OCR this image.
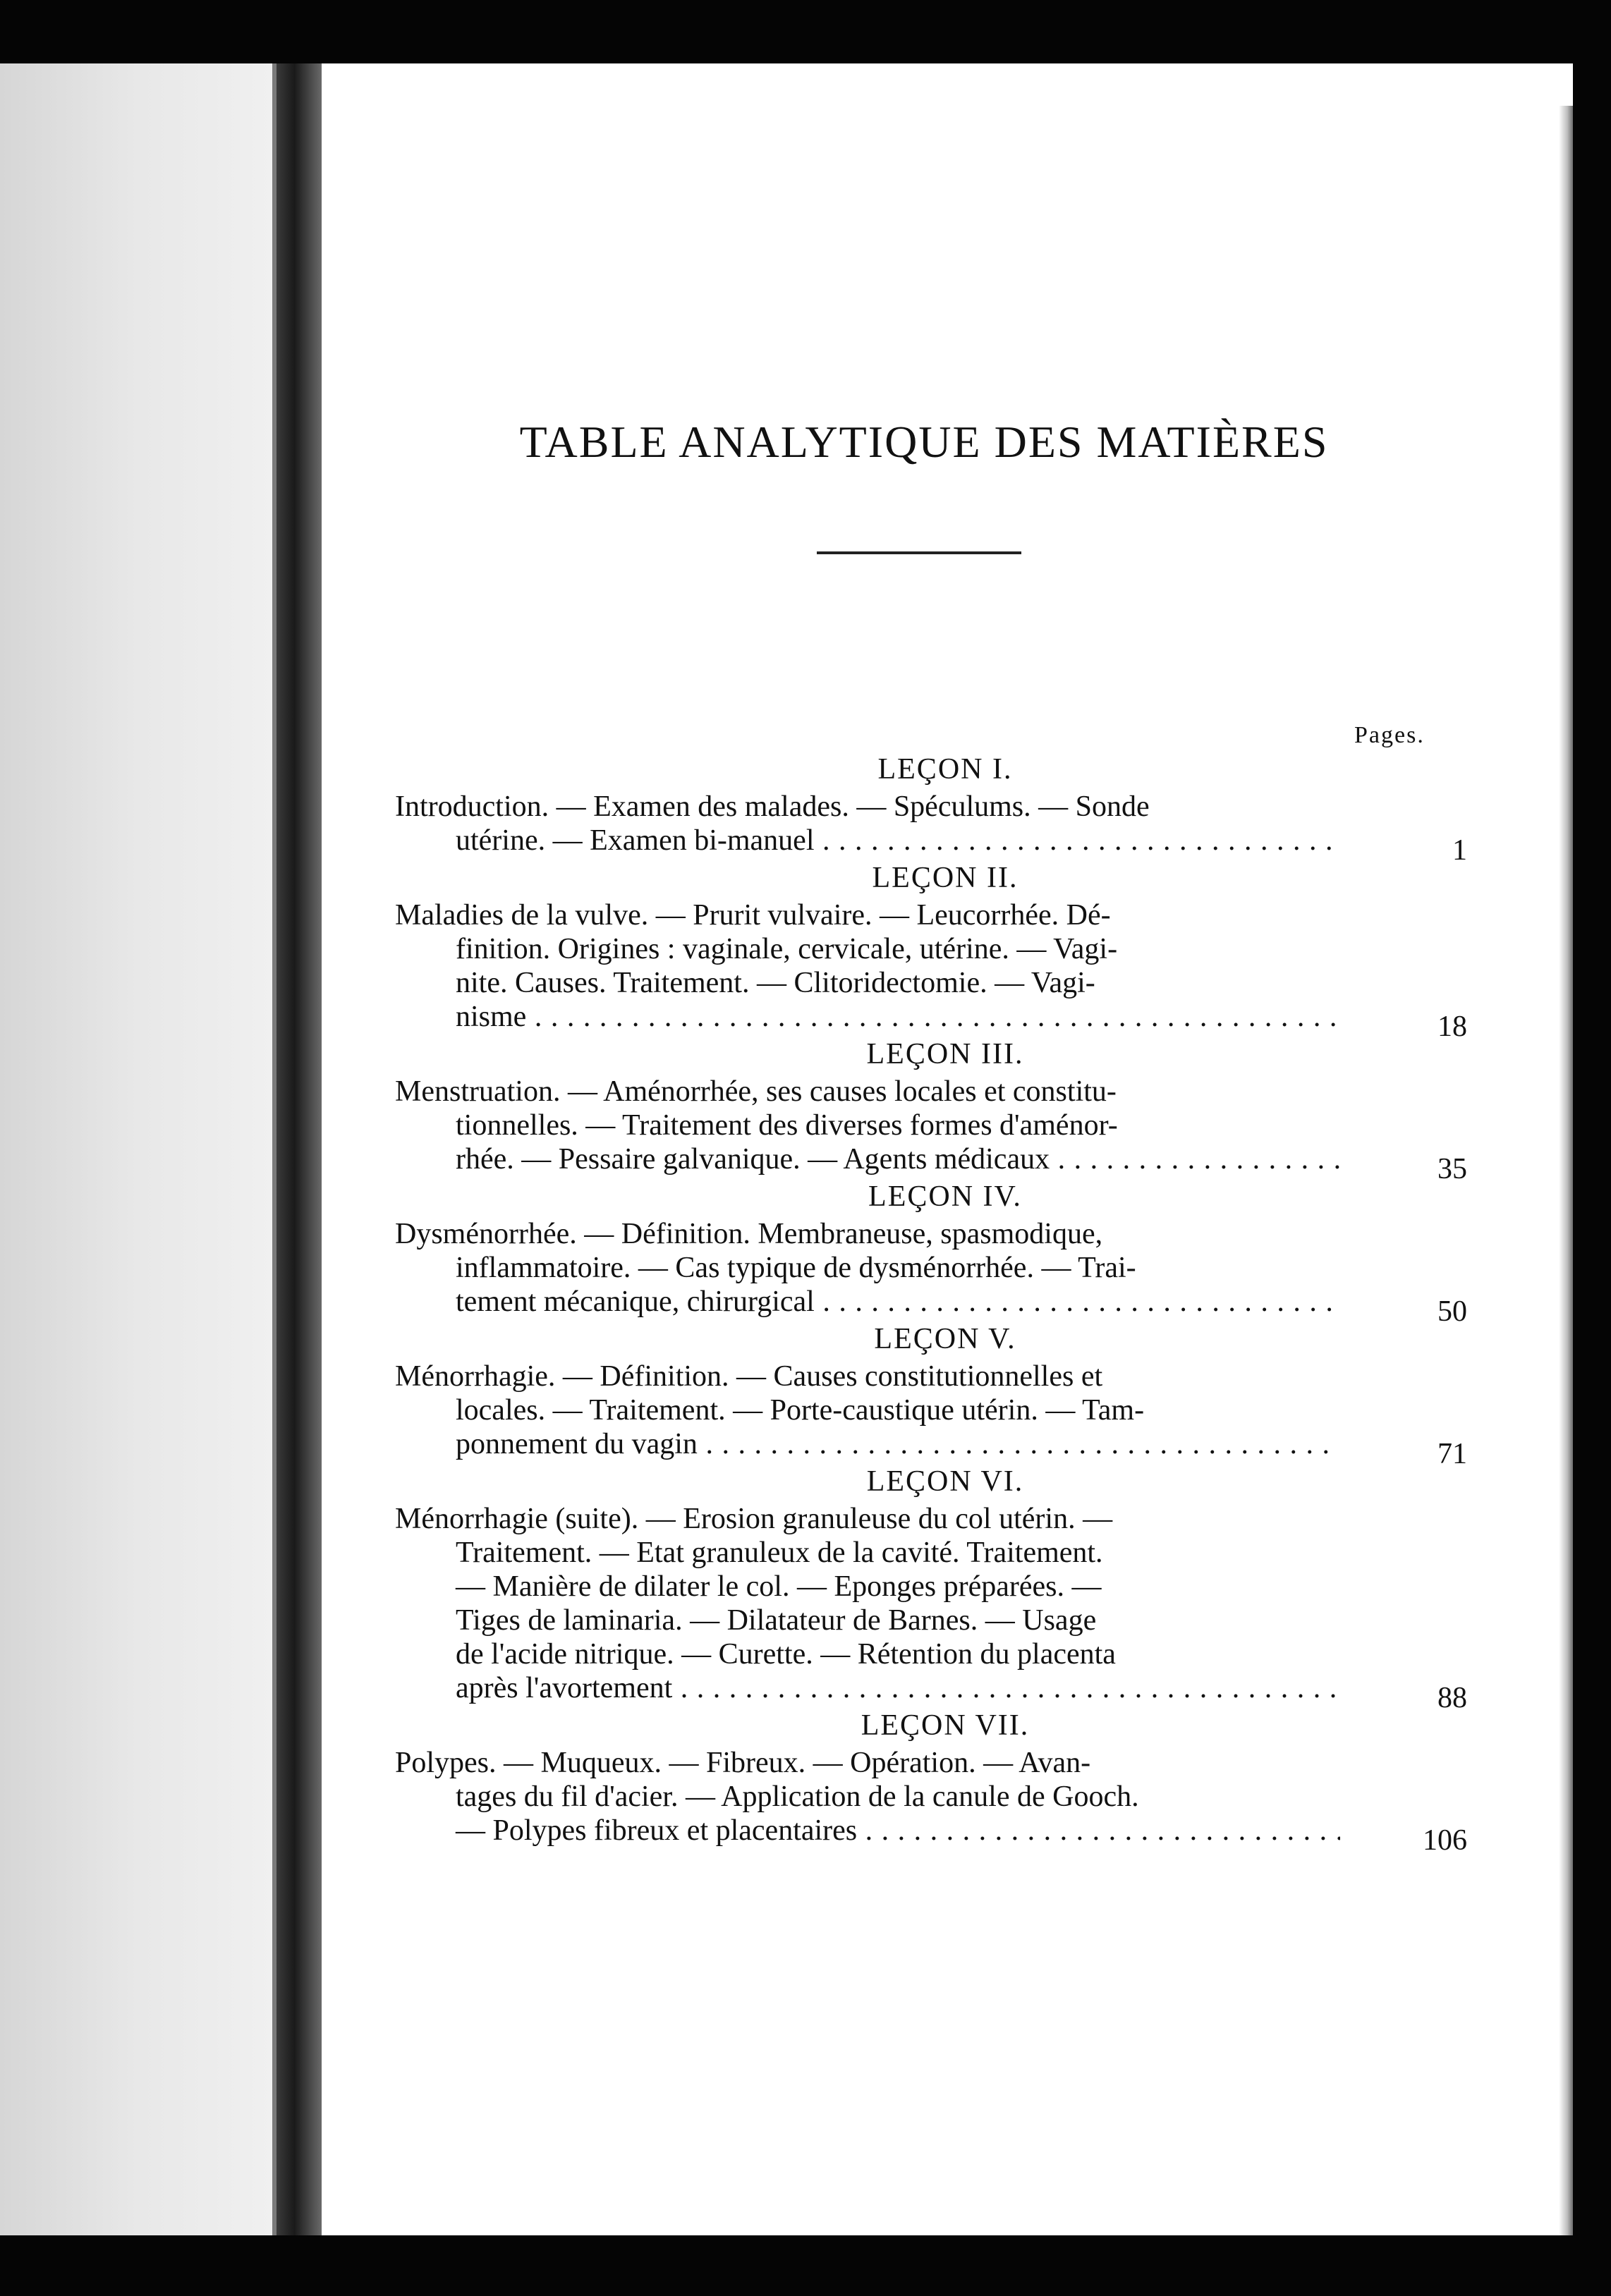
TABLE ANALYTIQUE DES MATIÈRES
Pages.
LEÇON I.
Introduction. — Examen des malades. — Spéculums. — Sonde
utérine. — Examen bi-manuel . . .	1
LEÇON II.
Maladies de la vulve. — Prurit vulvaire. — Leucorrhée. Dé-
finition. Origines : vaginale, cervicale, utérine. — Vagi-
nite. Causes. Traitement. — Clitoridectomie. — Vagi-
nisme . . .	18
LEÇON III.
Menstruation. — Aménorrhée, ses causes locales et constitu-
tionnelles. — Traitement des diverses formes d'aménor-
rhée. — Pessaire galvanique. — Agents médicaux . . .	35
LEÇON IV.
Dysménorrhée. — Définition. Membraneuse, spasmodique,
inflammatoire. — Cas typique de dysménorrhée. — Trai-
tement mécanique, chirurgical . . .	50
LEÇON V.
Ménorrhagie. — Définition. — Causes constitutionnelles et
locales. — Traitement. — Porte-caustique utérin. — Tam-
ponnement du vagin . . .	71
LEÇON VI.
Ménorrhagie (suite). — Erosion granuleuse du col utérin. —
Traitement. — Etat granuleux de la cavité. Traitement.
— Manière de dilater le col. — Eponges préparées. —
Tiges de laminaria. — Dilatateur de Barnes. — Usage
de l'acide nitrique. — Curette. — Rétention du placenta
après l'avortement . . .	88
LEÇON VII.
Polypes. — Muqueux. — Fibreux. — Opération. — Avan-
tages du fil d'acier. — Application de la canule de Gooch.
— Polypes fibreux et placentaires . . .	106
